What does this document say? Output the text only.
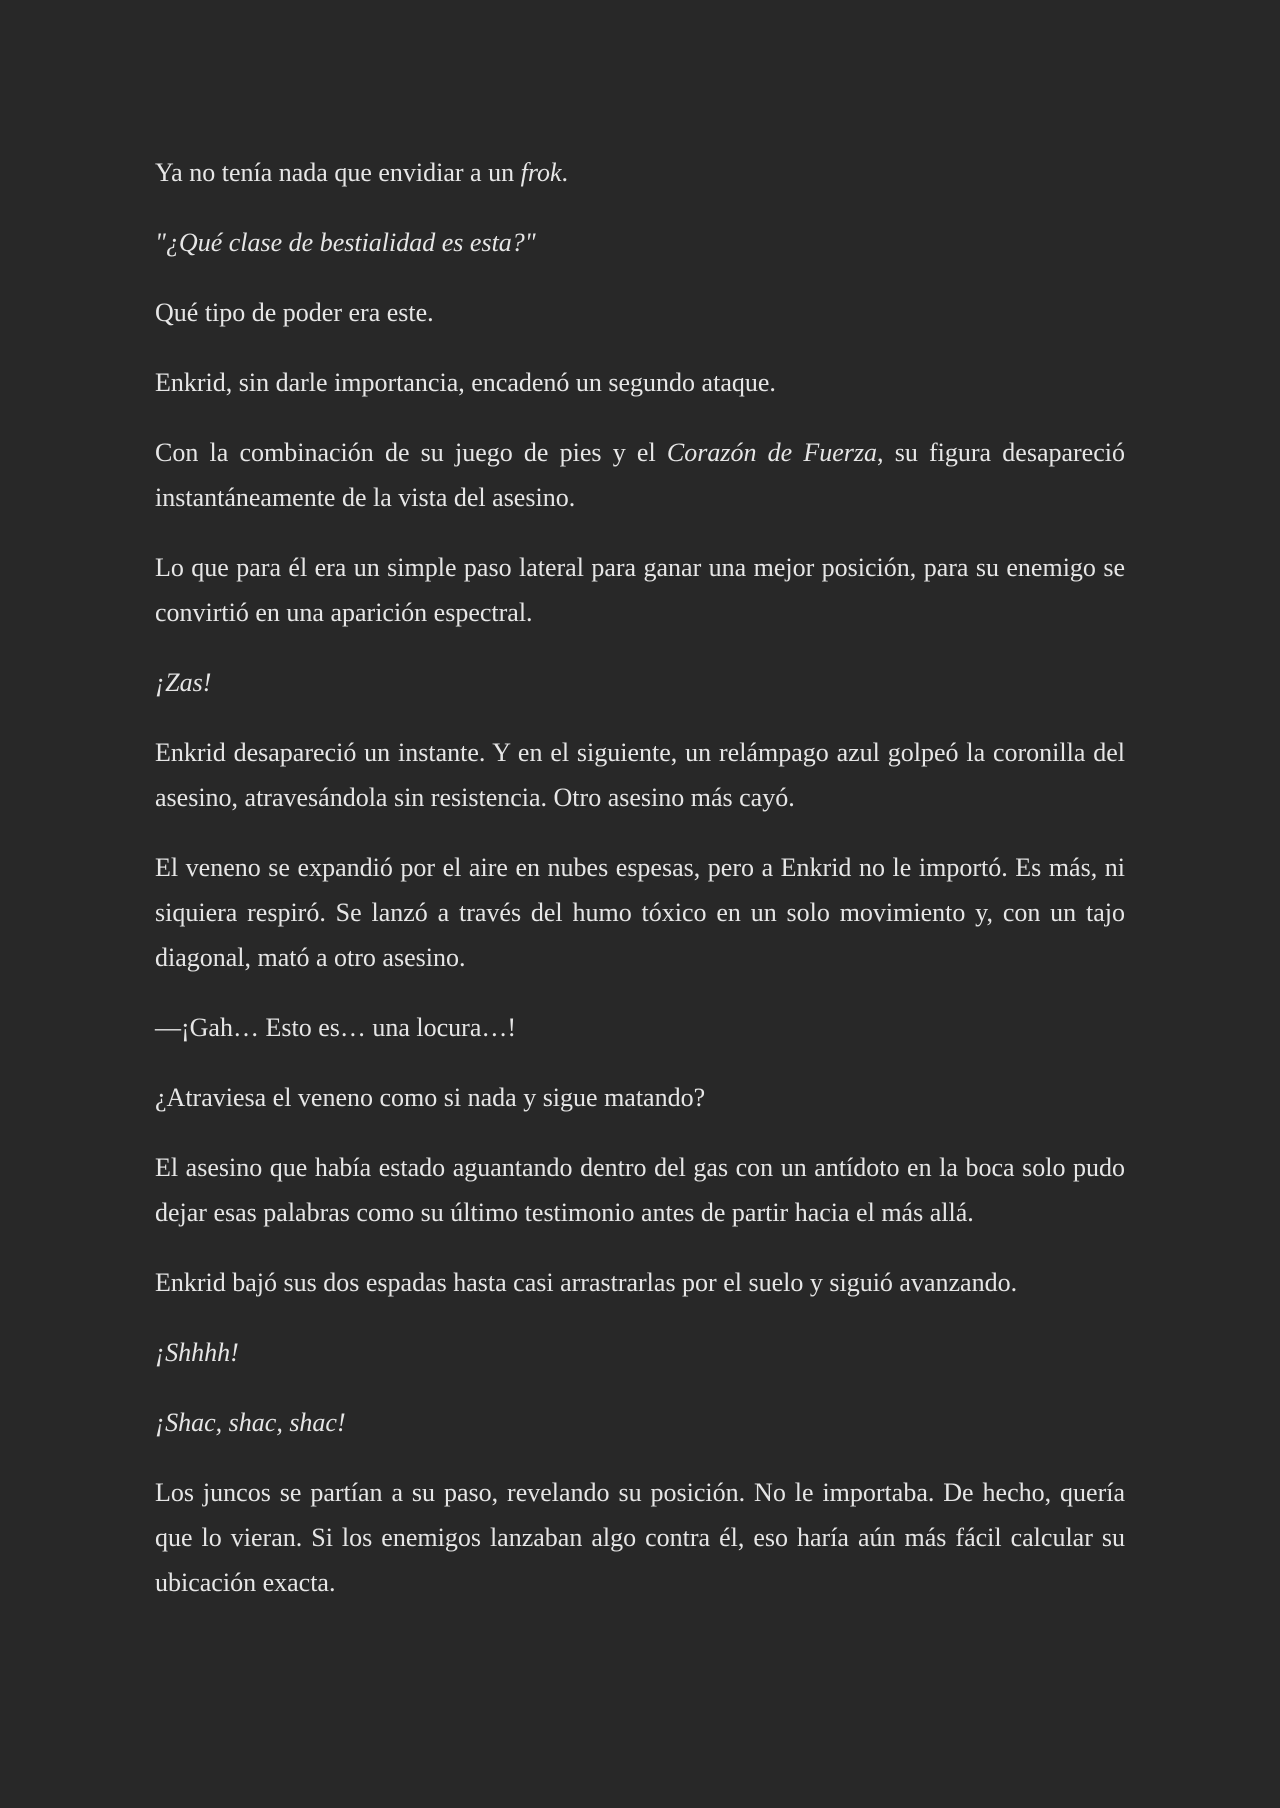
Ya no tenía nada que envidiar a un frok.

"¿Qué clase de bestialidad es esta?"

Qué tipo de poder era este.

Enkrid, sin darle importancia, encadenó un segundo ataque.

Con la combinación de su juego de pies y el Corazón de Fuerza, su figura desapareció instantáneamente de la vista del asesino.

Lo que para él era un simple paso lateral para ganar una mejor posición, para su enemigo se convirtió en una aparición espectral.

¡Zas!

Enkrid desapareció un instante. Y en el siguiente, un relámpago azul golpeó la coronilla del asesino, atravesándola sin resistencia. Otro asesino más cayó.

El veneno se expandió por el aire en nubes espesas, pero a Enkrid no le importó. Es más, ni siquiera respiró. Se lanzó a través del humo tóxico en un solo movimiento y, con un tajo diagonal, mató a otro asesino.

—¡Gah… Esto es… una locura…!

¿Atraviesa el veneno como si nada y sigue matando?

El asesino que había estado aguantando dentro del gas con un antídoto en la boca solo pudo dejar esas palabras como su último testimonio antes de partir hacia el más allá.

Enkrid bajó sus dos espadas hasta casi arrastrarlas por el suelo y siguió avanzando.

¡Shhhh!

¡Shac, shac, shac!

Los juncos se partían a su paso, revelando su posición. No le importaba. De hecho, quería que lo vieran. Si los enemigos lanzaban algo contra él, eso haría aún más fácil calcular su ubicación exacta.
